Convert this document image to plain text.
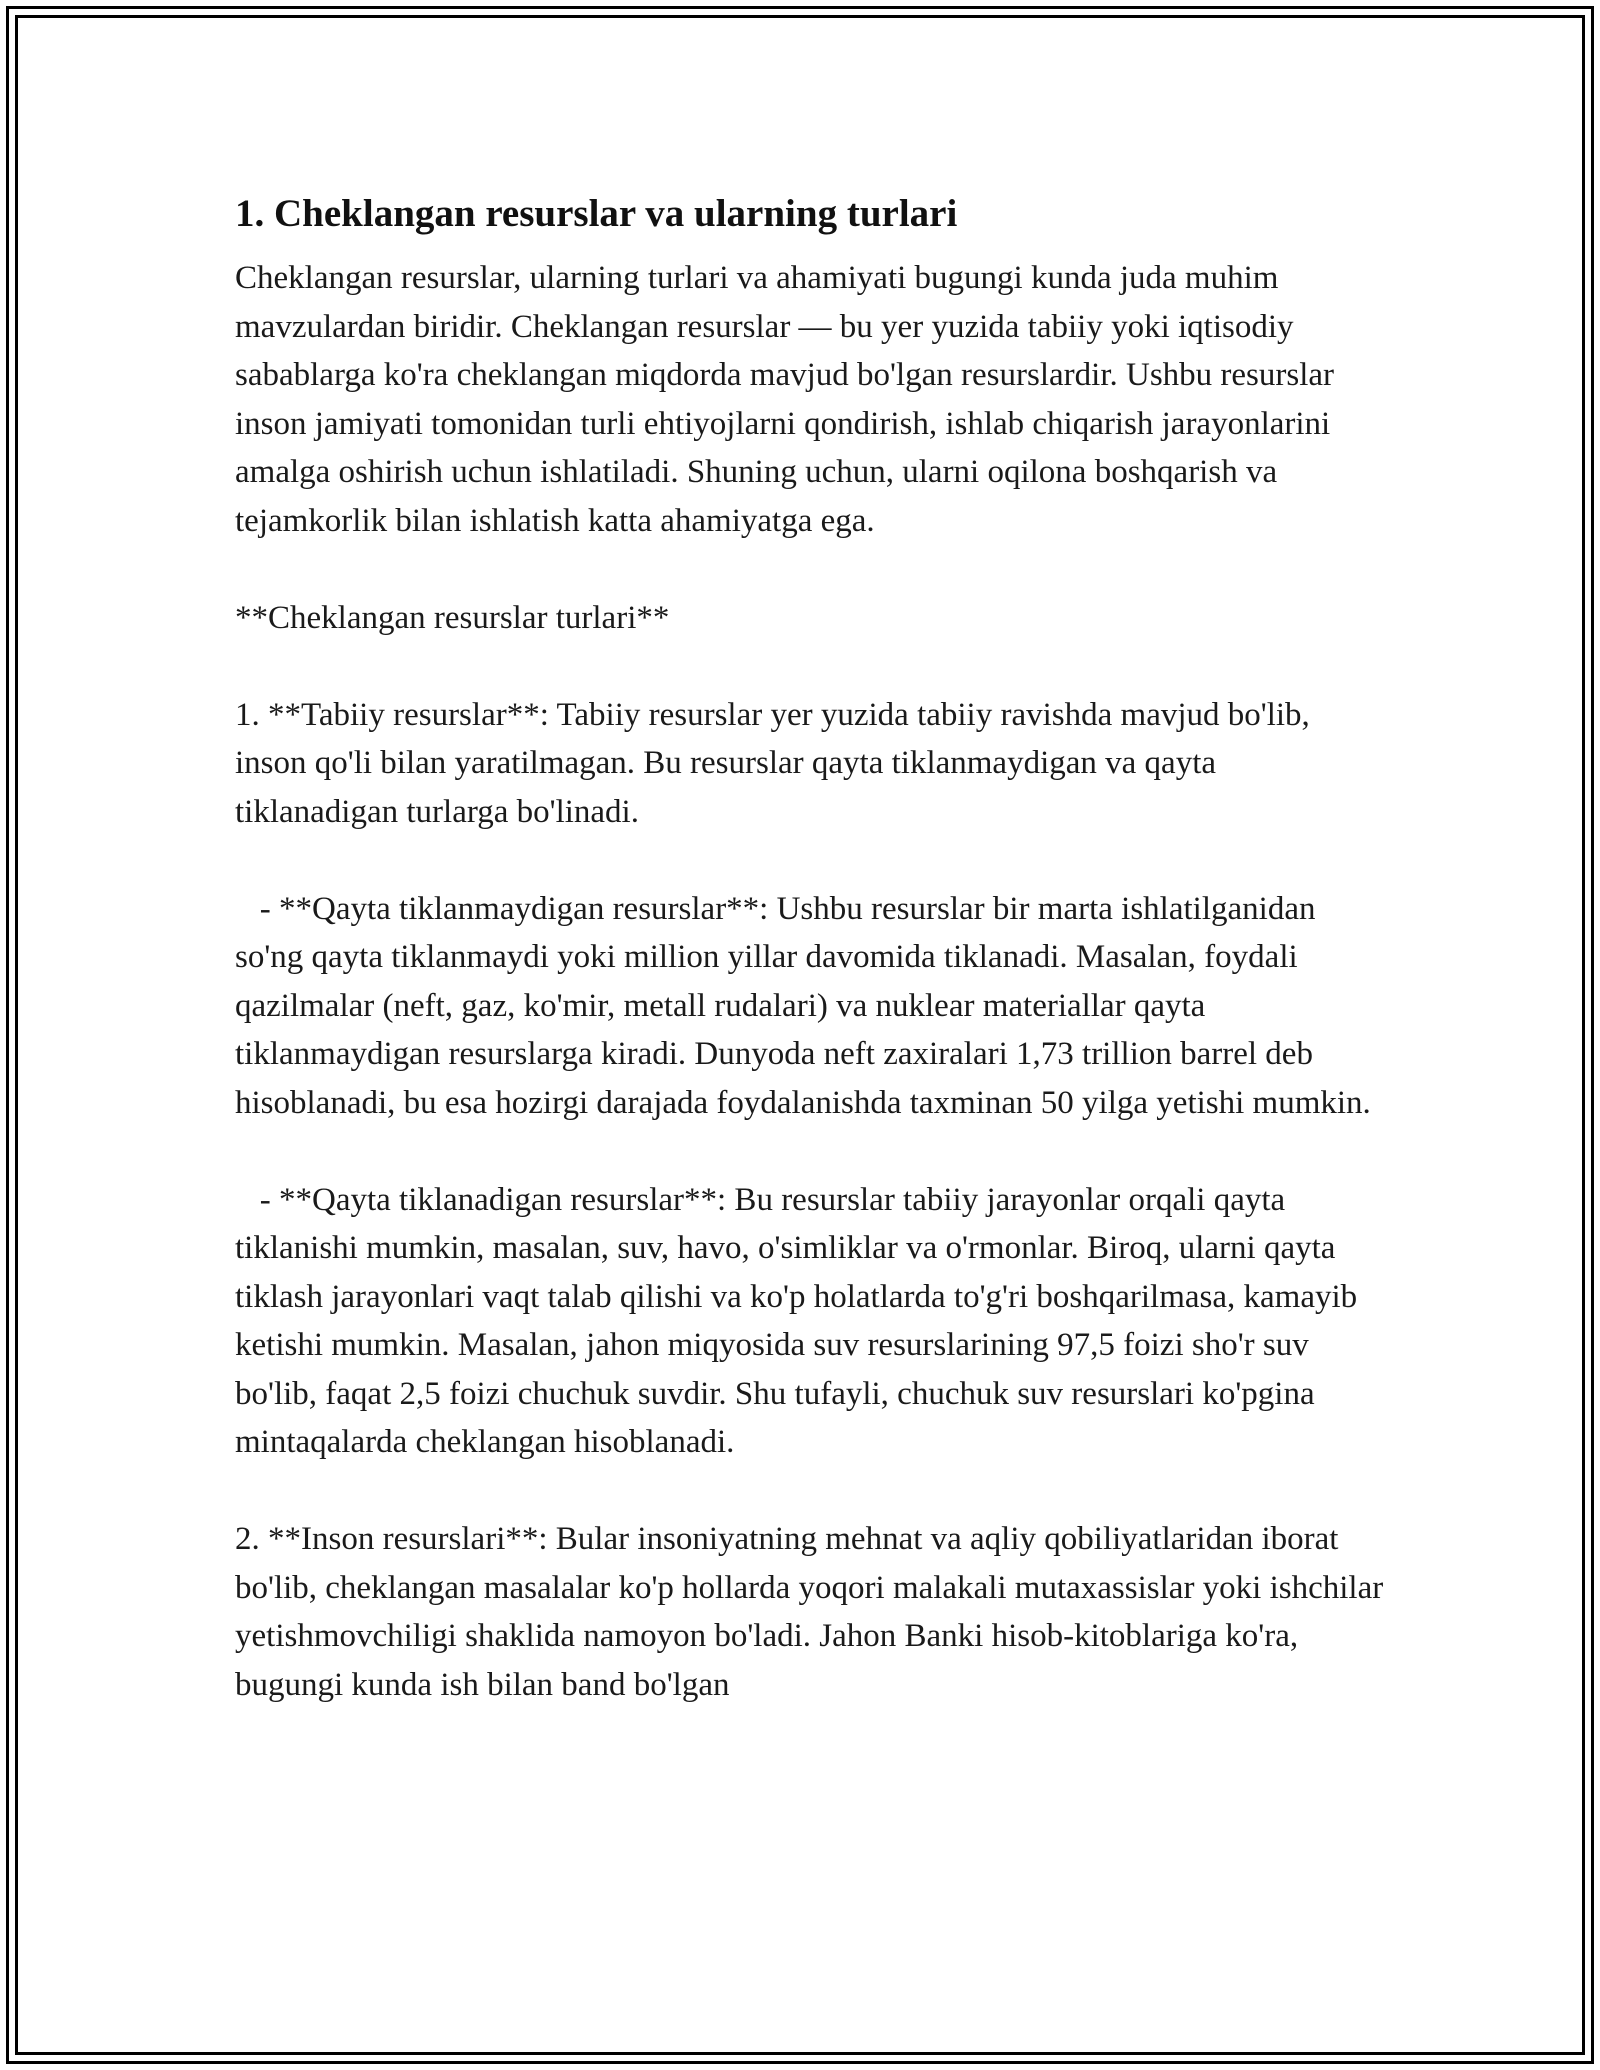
1. Cheklangan resurslar va ularning turlari

Cheklangan resurslar, ularning turlari va ahamiyati bugungi kunda juda muhim mavzulardan biridir. Cheklangan resurslar — bu yer yuzida tabiiy yoki iqtisodiy sabablarga ko'ra cheklangan miqdorda mavjud bo'lgan resurslardir. Ushbu resurslar inson jamiyati tomonidan turli ehtiyojlarni qondirish, ishlab chiqarish jarayonlarini amalga oshirish uchun ishlatiladi. Shuning uchun, ularni oqilona boshqarish va tejamkorlik bilan ishlatish katta ahamiyatga ega.

**Cheklangan resurslar turlari**

1. **Tabiiy resurslar**: Tabiiy resurslar yer yuzida tabiiy ravishda mavjud bo'lib, inson qo'li bilan yaratilmagan. Bu resurslar qayta tiklanmaydigan va qayta tiklanadigan turlarga bo'linadi.

- **Qayta tiklanmaydigan resurslar**: Ushbu resurslar bir marta ishlatilganidan so'ng qayta tiklanmaydi yoki million yillar davomida tiklanadi. Masalan, foydali qazilmalar (neft, gaz, ko'mir, metall rudalari) va nuklear materiallar qayta tiklanmaydigan resurslarga kiradi. Dunyoda neft zaxiralari 1,73 trillion barrel deb hisoblanadi, bu esa hozirgi darajada foydalanishda taxminan 50 yilga yetishi mumkin.

- **Qayta tiklanadigan resurslar**: Bu resurslar tabiiy jarayonlar orqali qayta tiklanishi mumkin, masalan, suv, havo, o'simliklar va o'rmonlar. Biroq, ularni qayta tiklash jarayonlari vaqt talab qilishi va ko'p holatlarda to'g'ri boshqarilmasa, kamayib ketishi mumkin. Masalan, jahon miqyosida suv resurslarining 97,5 foizi sho'r suv bo'lib, faqat 2,5 foizi chuchuk suvdir. Shu tufayli, chuchuk suv resurslari ko'pgina mintaqalarda cheklangan hisoblanadi.

2. **Inson resurslari**: Bular insoniyatning mehnat va aqliy qobiliyatlaridan iborat bo'lib, cheklangan masalalar ko'p hollarda yoqori malakali mutaxassislar yoki ishchilar yetishmovchiligi shaklida namoyon bo'ladi. Jahon Banki hisob-kitoblariga ko'ra, bugungi kunda ish bilan band bo'lgan
